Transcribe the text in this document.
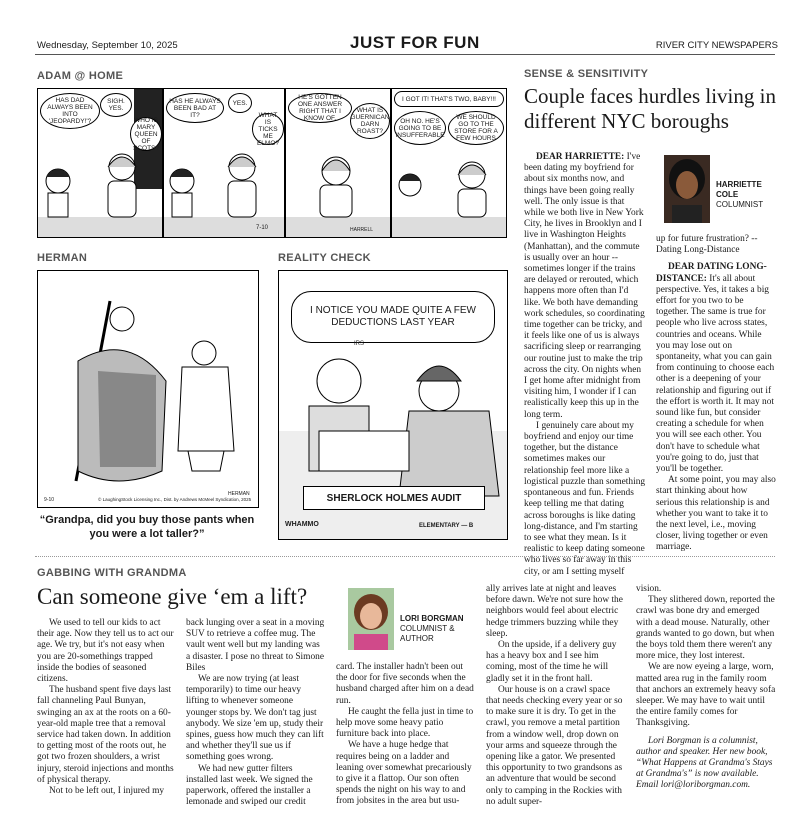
Wednesday, September 10, 2025	JUST FOR FUN	RIVER CITY NEWSPAPERS
ADAM @ HOME
HAS DAD ALWAYS BEEN INTO 'JEOPARDY!'?
SIGH. YES.
WHO IS MARY QUEEN OF SCOTS?
HAS HE ALWAYS BEEN BAD AT IT?
YES.
WHAT IS TICKS ME ELMO?
7-10
HE'S GOTTEN ONE ANSWER RIGHT THAT I KNOW OF.
WHAT IS GUERNICAN DARN ROAST?
HARRELL
I GOT IT! THAT'S TWO, BABY!!!
OH NO. HE'S GOING TO BE INSUFFERABLE
WE SHOULD GO TO THE STORE FOR A FEW HOURS
HERMAN
9-10	© LaughingStock Licensing Inc., Dist. by Andrews McMeel Syndication, 2025
HERMAN
“Grandpa, did you buy those pants when you were a lot taller?”
REALITY CHECK
I NOTICE YOU MADE QUITE A FEW DEDUCTIONS LAST YEAR
IRS
SHERLOCK HOLMES AUDIT
WHAMMO	ELEMENTARY — B
SENSE & SENSITIVITY
Couple faces hurdles living in different NYC boroughs

DEAR HARRIETTE: I've been dating my boyfriend for about six months now, and things have been going really well. The only issue is that while we both live in New York City, he lives in Brooklyn and I live in Washington Heights (Manhattan), and the commute is usually over an hour -- sometimes longer if the trains are delayed or rerouted, which happens more often than I'd like. We both have demanding work schedules, so coordinating time together can be tricky, and it feels like one of us is always sacrificing sleep or rearranging our routine just to make the trip across the city. On nights when I get home after midnight from visiting him, I wonder if I can realistically keep this up in the long term.

I genuinely care about my boyfriend and enjoy our time together, but the distance sometimes makes our relationship feel more like a logistical puzzle than something spontaneous and fun. Friends keep telling me that dating across boroughs is like dating long-distance, and I'm starting to see what they mean. Is it realistic to keep dating someone who lives so far away in this city, or am I setting myself

HARRIETTE COLE
COLUMNIST

up for future frustration? -- Dating Long-Distance

DEAR DATING LONG-DISTANCE: It's all about perspective. Yes, it takes a big effort for you two to be together. The same is true for people who live across states, countries and oceans. While you may lose out on spontaneity, what you can gain from continuing to choose each other is a deepening of your relationship and figuring out if the effort is worth it. It may not sound like fun, but consider creating a schedule for when you will see each other. You don't have to schedule what you're going to do, just that you'll be together.

At some point, you may also start thinking about how serious this relationship is and whether you want to take it to the next level, i.e., moving closer, living together or even marriage.

GABBING WITH GRANDMA
Can someone give ‘em a lift?
LORI BORGMAN
COLUMNIST & AUTHOR

We used to tell our kids to act their age. Now they tell us to act our age. We try, but it's not easy when you are 20-somethings trapped inside the bodies of seasoned citizens.

The husband spent five days last fall channeling Paul Bunyan, swinging an ax at the roots on a 60-year-old maple tree that a removal service had taken down. In addition to getting most of the roots out, he got two frozen shoulders, a wrist injury, steroid injections and months of physical therapy.

Not to be left out, I injured my

back lunging over a seat in a moving SUV to retrieve a coffee mug. The vault went well but my landing was a disaster. I pose no threat to Simone Biles

We are now trying (at least temporarily) to time our heavy lifting to whenever someone younger stops by. We don't tag just anybody. We size 'em up, study their spines, guess how much they can lift and whether they'll sue us if something goes wrong.

We had new gutter filters installed last week. We signed the paperwork, offered the installer a lemonade and swiped our credit

card. The installer hadn't been out the door for five seconds when the husband charged after him on a dead run.

He caught the fella just in time to help move some heavy patio furniture back into place.

We have a huge hedge that requires being on a ladder and leaning over somewhat precariously to give it a flattop. Our son often spends the night on his way to and from jobsites in the area but usu-

ally arrives late at night and leaves before dawn. We're not sure how the neighbors would feel about electric hedge trimmers buzzing while they sleep.

On the upside, if a delivery guy has a heavy box and I see him coming, most of the time he will gladly set it in the front hall.

Our house is on a crawl space that needs checking every year or so to make sure it is dry. To get in the crawl, you remove a metal partition from a window well, drop down on your arms and squeeze through the opening like a gator. We presented this opportunity to two grandsons as an adventure that would be second only to camping in the Rockies with no adult super-

vision.

They slithered down, reported the crawl was bone dry and emerged with a dead mouse. Naturally, other grands wanted to go down, but when the boys told them there weren't any more mice, they lost interest.

We are now eyeing a large, worn, matted area rug in the family room that anchors an extremely heavy sofa sleeper. We may have to wait until the entire family comes for Thanksgiving.

Lori Borgman is a columnist, author and speaker. Her new book, “What Happens at Grandma's Stays at Grandma's” is now available. Email lori@loriborgman.com.
